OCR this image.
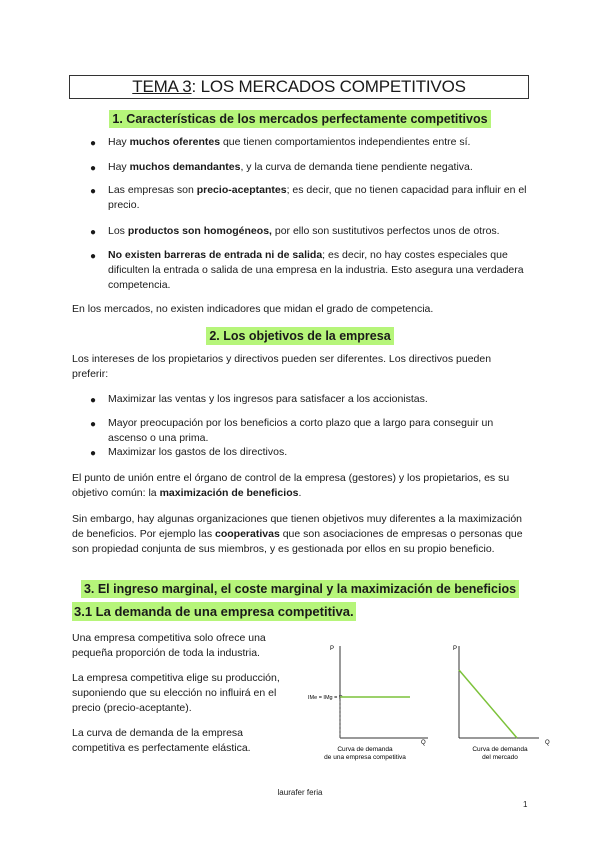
TEMA 3: LOS MERCADOS COMPETITIVOS
1. Características de los mercados perfectamente competitivos
● Hay muchos oferentes que tienen comportamientos independientes entre sí.
● Hay muchos demandantes, y la curva de demanda tiene pendiente negativa.
● Las empresas son precio-aceptantes; es decir, que no tienen capacidad para influir en el precio.
● Los productos son homogéneos, por ello son sustitutivos perfectos unos de otros.
● No existen barreras de entrada ni de salida; es decir, no hay costes especiales que dificulten la entrada o salida de una empresa en la industria. Esto asegura una verdadera competencia.
En los mercados, no existen indicadores que midan el grado de competencia.
2. Los objetivos de la empresa
Los intereses de los propietarios y directivos pueden ser diferentes. Los directivos pueden preferir:
● Maximizar las ventas y los ingresos para satisfacer a los accionistas.
● Mayor preocupación por los beneficios a corto plazo que a largo para conseguir un ascenso o una prima.
● Maximizar los gastos de los directivos.
El punto de unión entre el órgano de control de la empresa (gestores) y los propietarios, es su objetivo común: la maximización de beneficios.
Sin embargo, hay algunas organizaciones que tienen objetivos muy diferentes a la maximización de beneficios. Por ejemplo las cooperativas que son asociaciones de empresas o personas que son propiedad conjunta de sus miembros, y es gestionada por ellos en su propio beneficio.
3. El ingreso marginal, el coste marginal y la maximización de beneficios
3.1 La demanda de una empresa competitiva.
Una empresa competitiva solo ofrece una pequeña proporción de toda la industria.
La empresa competitiva elige su producción, suponiendo que su elección no influirá en el precio (precio-aceptante).
La curva de demanda de la empresa competitiva es perfectamente elástica.
P
Q
IMe = IMg = P
Curva de demanda
de una empresa competitiva
P
Q
Curva de demanda
del mercado
laurafer feria
1
